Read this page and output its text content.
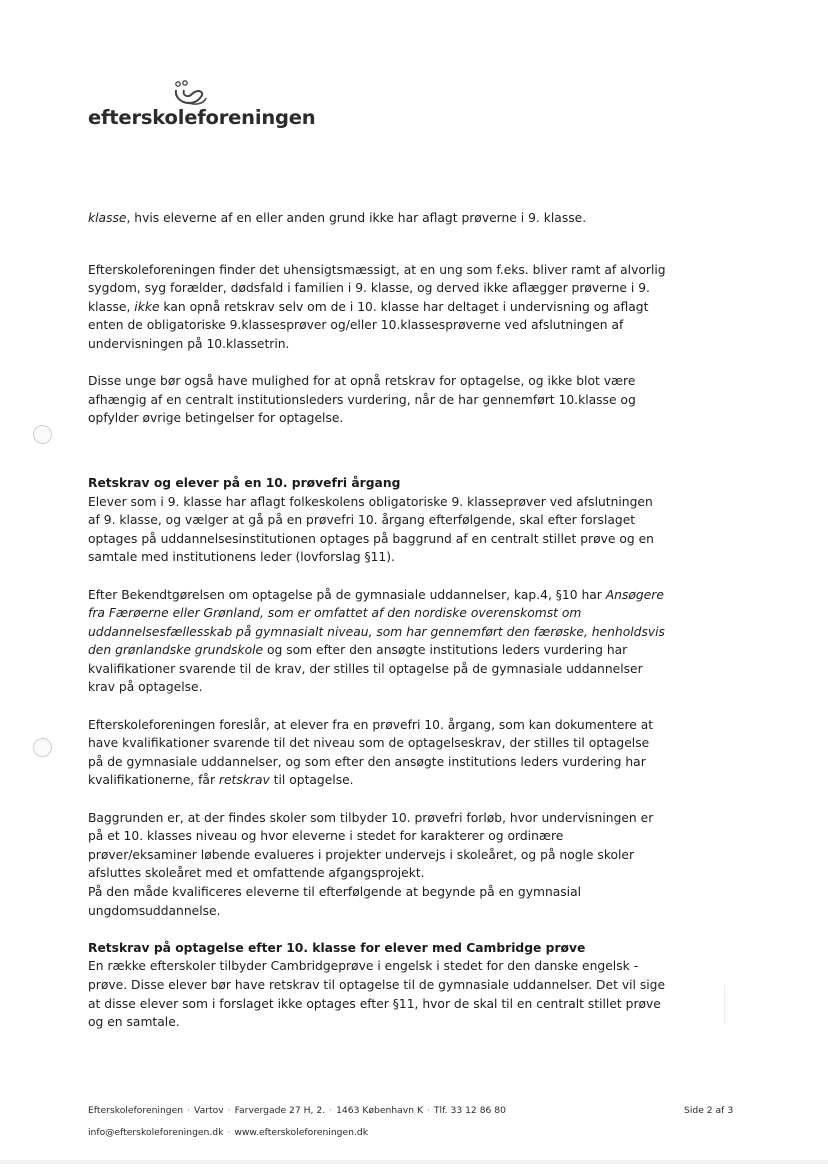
efterskoleforeningen

klasse, hvis eleverne af en eller anden grund ikke har aflagt prøverne i 9. klasse.

Efterskoleforeningen finder det uhensigtsmæssigt, at en ung som f.eks. bliver ramt af alvorlig sygdom, syg forælder, dødsfald i familien i 9. klasse, og derved ikke aflægger prøverne i 9. klasse, ikke kan opnå retskrav selv om de i 10. klasse har deltaget i undervisning og aflagt enten de obligatoriske 9.klassesprøver og/eller 10.klassesprøverne ved afslutningen af undervisningen på 10.klassetrin.

Disse unge bør også have mulighed for at opnå retskrav for optagelse, og ikke blot være afhængig af en centralt institutionsleders vurdering, når de har gennemført 10.klasse og opfylder øvrige betingelser for optagelse.

Retskrav og elever på en 10. prøvefri årgang
Elever som i 9. klasse har aflagt folkeskolens obligatoriske 9. klasseprøver ved afslutningen af 9. klasse, og vælger at gå på en prøvefri 10. årgang efterfølgende, skal efter forslaget optages på uddannelsesinstitutionen optages på baggrund af en centralt stillet prøve og en samtale med institutionens leder (lovforslag §11).

Efter Bekendtgørelsen om optagelse på de gymnasiale uddannelser, kap.4, §10 har Ansøgere fra Færøerne eller Grønland, som er omfattet af den nordiske overenskomst om uddannelsesfællesskab på gymnasialt niveau, som har gennemført den færøske, henholdsvis den grønlandske grundskole og som efter den ansøgte institutions leders vurdering har kvalifikationer svarende til de krav, der stilles til optagelse på de gymnasiale uddannelser krav på optagelse.

Efterskoleforeningen foreslår, at elever fra en prøvefri 10. årgang, som kan dokumentere at have kvalifikationer svarende til det niveau som de optagelseskrav, der stilles til optagelse på de gymnasiale uddannelser, og som efter den ansøgte institutions leders vurdering har kvalifikationerne, får retskrav til optagelse.

Baggrunden er, at der findes skoler som tilbyder 10. prøvefri forløb, hvor undervisningen er på et 10. klasses niveau og hvor eleverne i stedet for karakterer og ordinære prøver/eksaminer løbende evalueres i projekter undervejs i skoleåret, og på nogle skoler afsluttes skoleåret med et omfattende afgangsprojekt.
På den måde kvalificeres eleverne til efterfølgende at begynde på en gymnasial ungdomsuddannelse.

Retskrav på optagelse efter 10. klasse for elever med Cambridge prøve
En række efterskoler tilbyder Cambridgeprøve i engelsk i stedet for den danske engelsk -prøve. Disse elever bør have retskrav til optagelse til de gymnasiale uddannelser. Det vil sige at disse elever som i forslaget ikke optages efter §11, hvor de skal til en centralt stillet prøve og en samtale.

Efterskoleforeningen · Vartov · Farvergade 27 H, 2. · 1463 København K · Tlf. 33 12 86 80
info@efterskoleforeningen.dk · www.efterskoleforeningen.dk
Side 2 af 3
